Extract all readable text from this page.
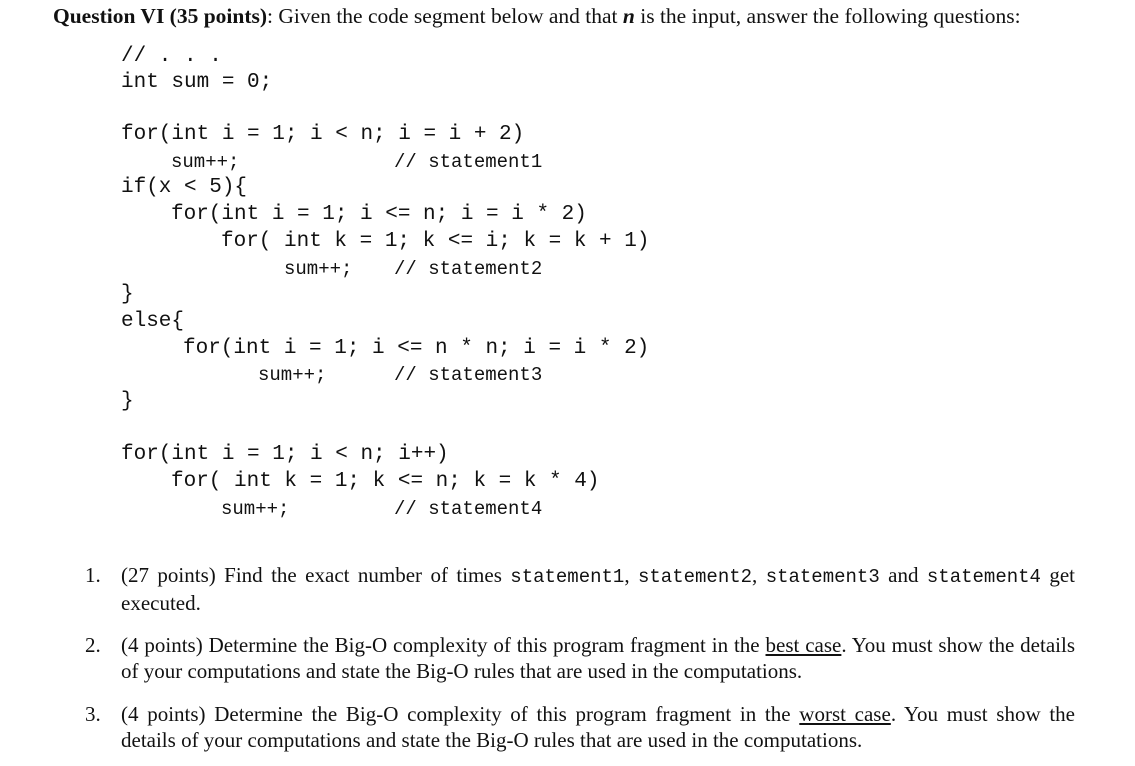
Question VI (35 points): Given the code segment below and that n is the input, answer the following questions:
// . . .
int sum = 0;
for(int i = 1; i < n; i = i + 2)
sum++;	// statement1
if(x < 5){
for(int i = 1; i <= n; i = i * 2)
for( int k = 1; k <= i; k = k + 1)
sum++; // statement2
}
else{
for(int i = 1; i <= n * n; i = i * 2)
sum++;	// statement3
}
for(int i = 1; i < n; i++)
for( int k = 1; k <= n; k = k * 4)
sum++;	// statement4
1. (27 points) Find the exact number of times statement1, statement2, statement3 and statement4 get executed.
2. (4 points) Determine the Big-O complexity of this program fragment in the best case. You must show the details of your computations and state the Big-O rules that are used in the computations.
3. (4 points) Determine the Big-O complexity of this program fragment in the worst case. You must show the details of your computations and state the Big-O rules that are used in the computations.
